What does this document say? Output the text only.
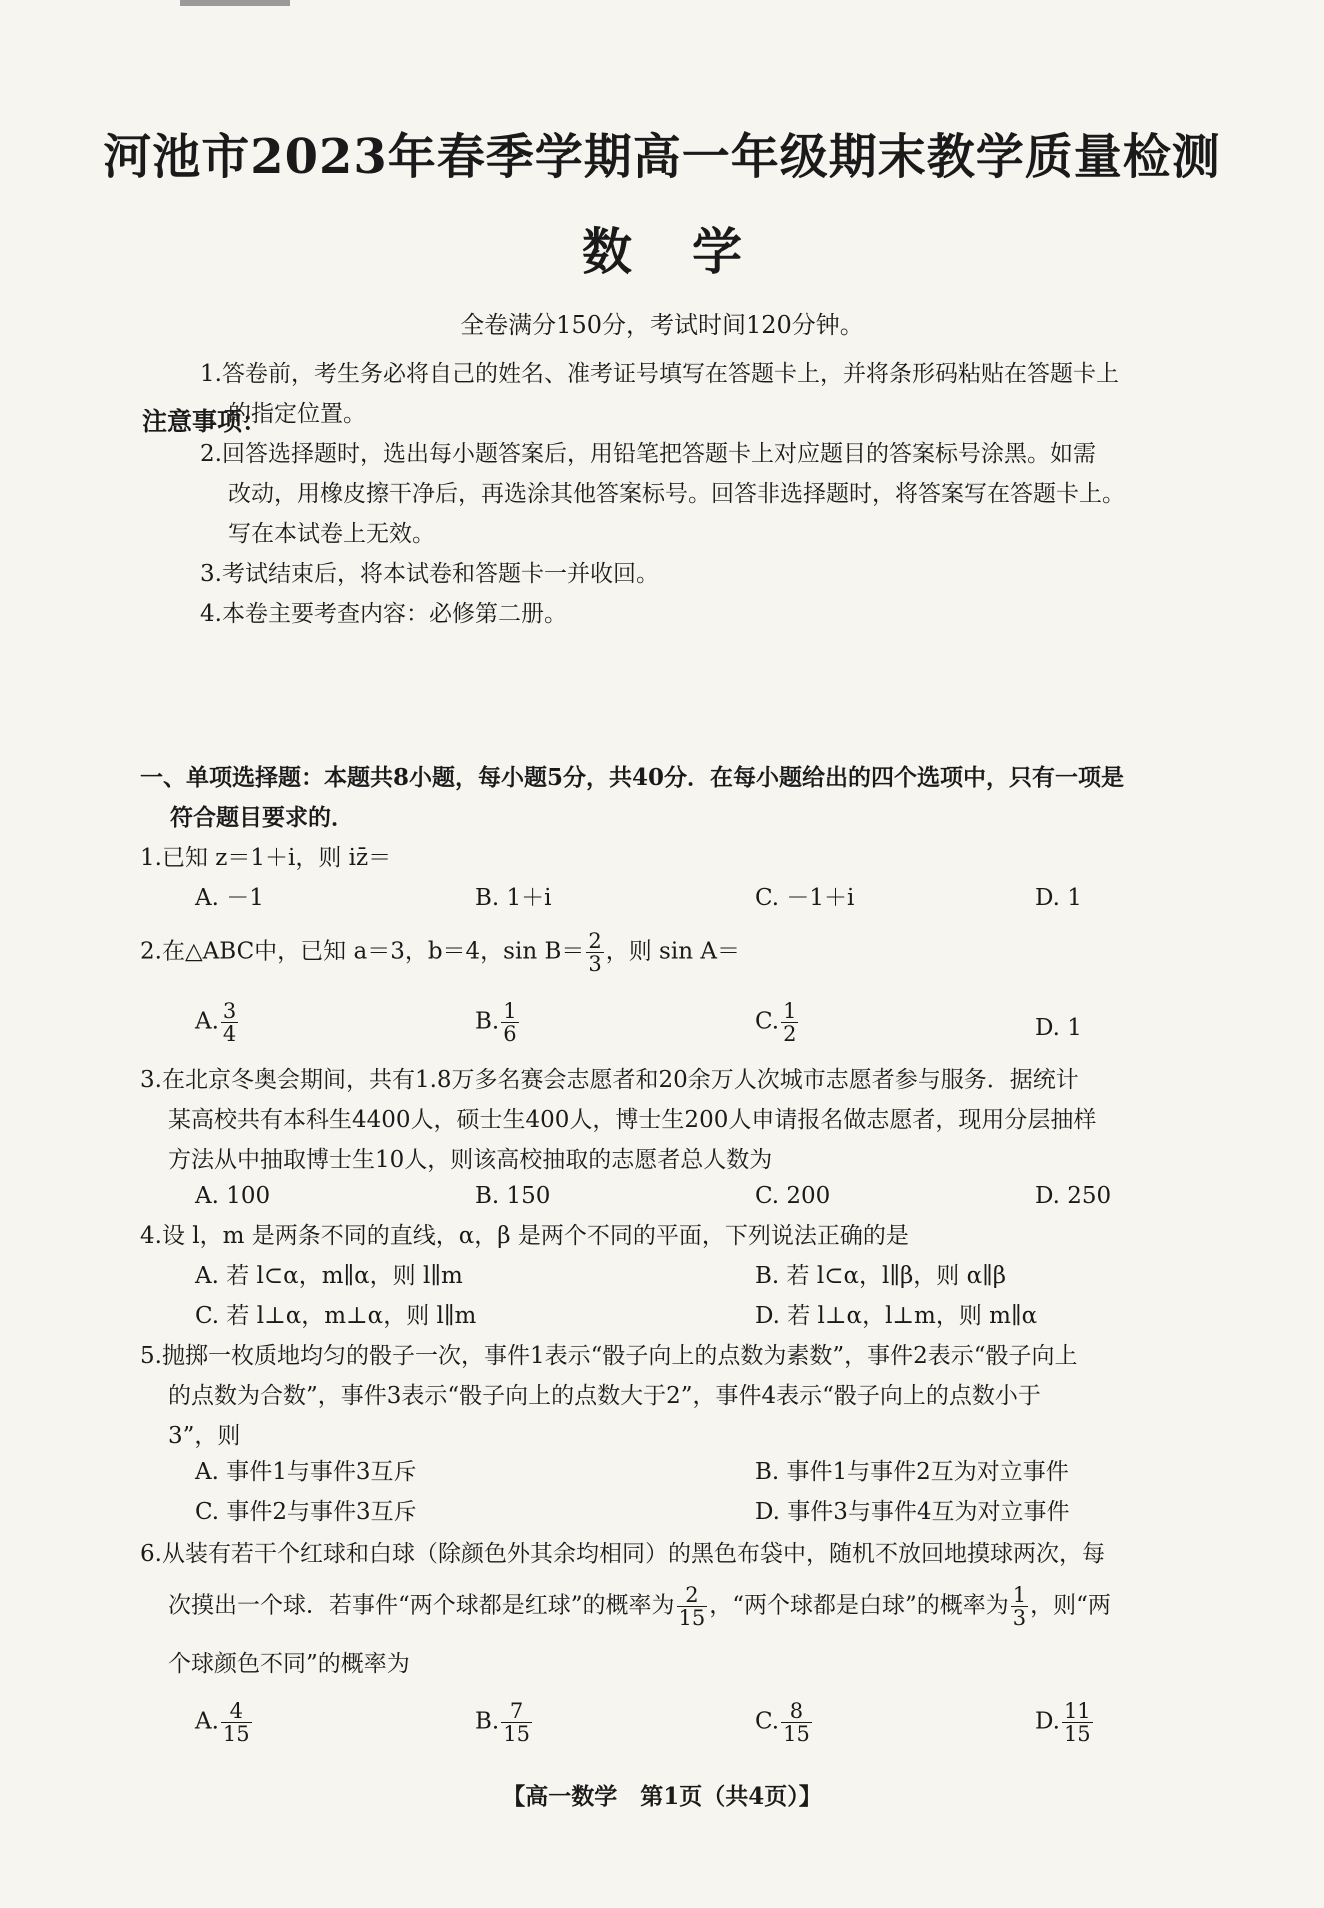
河池市2023年春季学期高一年级期末教学质量检测
数学
全卷满分150分，考试时间120分钟。
注意事项：
1.答卷前，考生务必将自己的姓名、准考证号填写在答题卡上，并将条形码粘贴在答题卡上
的指定位置。
2.回答选择题时，选出每小题答案后，用铅笔把答题卡上对应题目的答案标号涂黑。如需
改动，用橡皮擦干净后，再选涂其他答案标号。回答非选择题时，将答案写在答题卡上。
写在本试卷上无效。
3.考试结束后，将本试卷和答题卡一并收回。
4.本卷主要考查内容：必修第二册。
一、单项选择题：本题共8小题，每小题5分，共40分．在每小题给出的四个选项中，只有一项是
符合题目要求的．
1.已知 z＝1＋i，则 iz̄＝
A. －1	B. 1＋i	C. －1＋i	D. 1
2.在△ABC中，已知 a＝3，b＝4，$\sin B= \frac{2}{3}$ ，则 sin A＝
A. $\frac{3}{4}$	B. $\frac{1}{6}$	C. $\frac{1}{2}$	D. 1
3.在北京冬奥会期间，共有1.8万多名赛会志愿者和20余万人次城市志愿者参与服务．据统计
某高校共有本科生4400人，硕士生400人，博士生200人申请报名做志愿者，现用分层抽样
方法从中抽取博士生10人，则该高校抽取的志愿者总人数为
A. 100	B. 150	C. 200	D. 250
4.设 l，m 是两条不同的直线，α，β 是两个不同的平面，下列说法正确的是
A. 若 l⊂α，m∥α，则 l∥m	B. 若 l⊂α，l∥β，则 α∥β
C. 若 l⊥α，m⊥α，则 l∥m	D. 若 l⊥α，l⊥m，则 m∥α
5.抛掷一枚质地均匀的骰子一次，事件1表示“骰子向上的点数为素数”，事件2表示“骰子向上
的点数为合数”，事件3表示“骰子向上的点数大于2”，事件4表示“骰子向上的点数小于
3”，则
A. 事件1与事件3互斥	B. 事件1与事件2互为对立事件
C. 事件2与事件3互斥	D. 事件3与事件4互为对立事件
6.从装有若干个红球和白球（除颜色外其余均相同）的黑色布袋中，随机不放回地摸球两次，每
次摸出一个球．若事件“两个球都是红球”的概率为 $\frac{2}{15}$ ，“两个球都是白球”的概率为 $\frac{1}{3}$ ，则“两
个球颜色不同”的概率为
A. $\frac{4}{15}$	B. $\frac{7}{15}$	C. $\frac{8}{15}$	D. $\frac{11}{15}$
【高一数学　第1页（共4页）】
